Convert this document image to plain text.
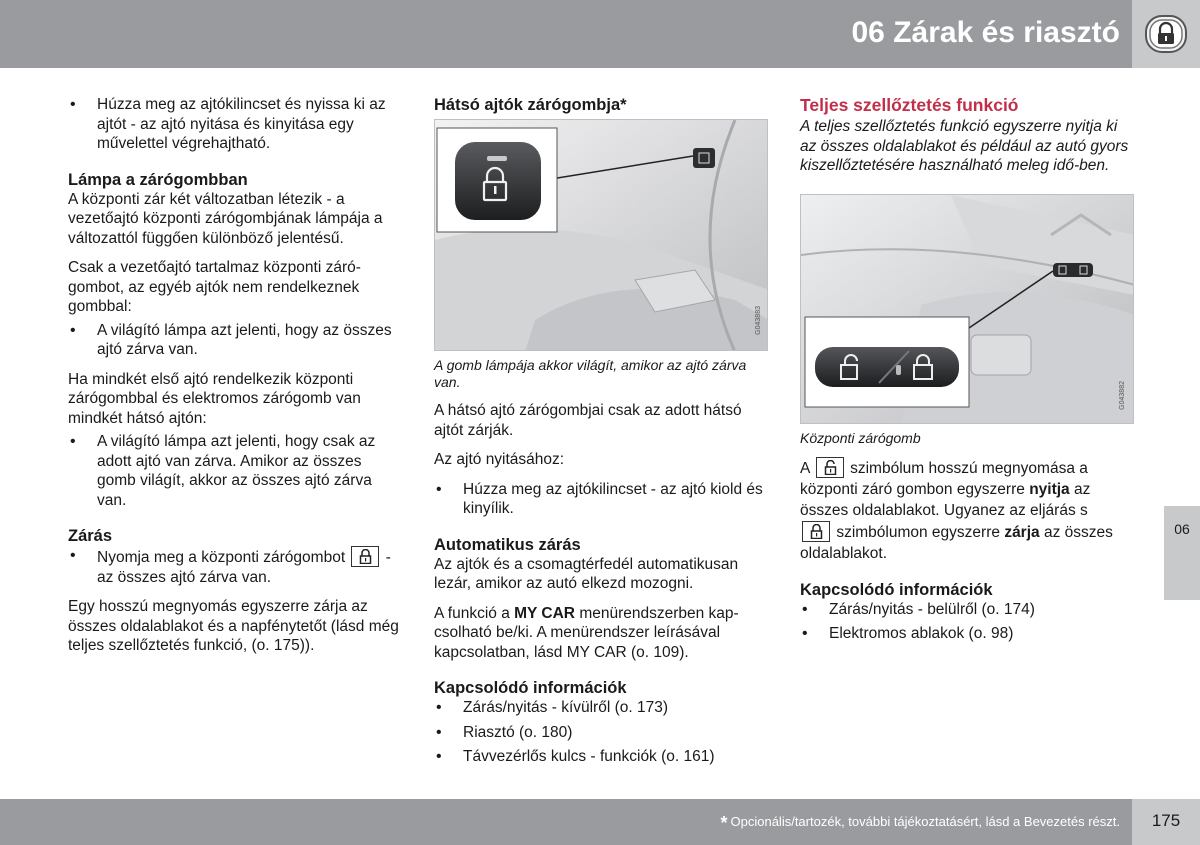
06 Zárak és riasztó
06
• Húzza meg az ajtókilincset és nyissa ki az ajtót - az ajtó nyitása és kinyitása egy művelettel végrehajtható.
Lámpa a zárógombban

A központi zár két változatban létezik - a vezetőajtó központi zárógombjának lámpája a változattól függően különböző jelentésű.

Csak a vezetőajtó tartalmaz központi záró-gombot, az egyéb ajtók nem rendelkeznek gombbal:

• A világító lámpa azt jelenti, hogy az összes ajtó zárva van.

Ha mindkét első ajtó rendelkezik központi zárógombbal és elektromos zárógomb van mindkét hátsó ajtón:

• A világító lámpa azt jelenti, hogy csak az adott ajtó van zárva. Amikor az összes gomb világít, akkor az összes ajtó zárva van.
Zárás
• Nyomja meg a központi zárógombot	- az összes ajtó zárva van.

Egy hosszú megnyomás egyszerre zárja az összes oldalablakot és a napfénytetőt (lásd még teljes szellőztetés funkció, (o. 175)).

Hátsó ajtók zárógombja*
G043883

A gomb lámpája akkor világít, amikor az ajtó zárva van.

A hátsó ajtó zárógombjai csak az adott hátsó ajtót zárják.

Az ajtó nyitásához:

• Húzza meg az ajtókilincset - az ajtó kiold és kinyílik.
Automatikus zárás

Az ajtók és a csomagtérfedél automatikusan lezár, amikor az autó elkezd mozogni.

A funkció a MY CAR menürendszerben kap-csolható be/ki. A menürendszer leírásával kapcsolatban, lásd MY CAR (o. 109).

Kapcsolódó információk
• Zárás/nyitás - kívülről (o. 173)
• Riasztó (o. 180)
• Távvezérlős kulcs - funkciók (o. 161)
Teljes szellőztetés funkció

A teljes szellőztetés funkció egyszerre nyitja ki az összes oldalablakot és például az autó gyors kiszellőztetésére használható meleg idő-ben.

G043882

Központi zárógomb

A	szimbólum hosszú megnyomása a központi záró gombon egyszerre nyitja az összes oldalablakot. Ugyanez az eljárás s

szimbólumon egyszerre zárja az összes oldalablakot.

Kapcsolódó információk
• Zárás/nyitás - belülről (o. 174)
• Elektromos ablakok (o. 98)
* Opcionális/tartozék, további tájékoztatásért, lásd a Bevezetés részt.	175
